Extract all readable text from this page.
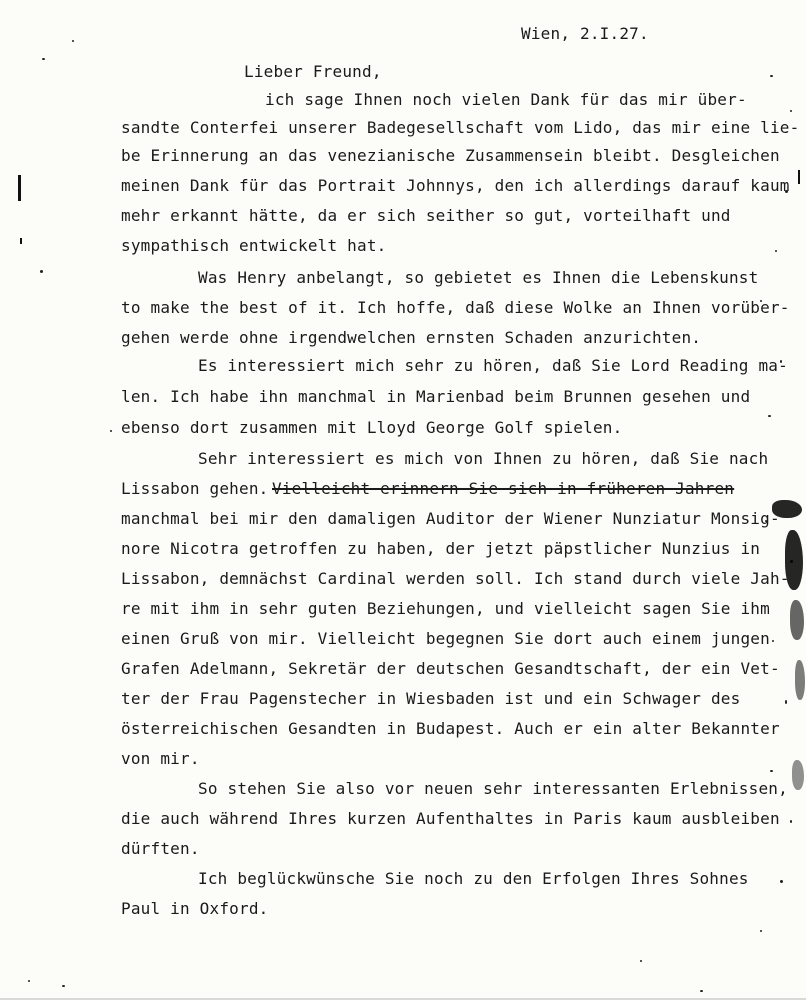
Wien, 2.I.27.
Lieber Freund,
ich sage Ihnen noch vielen Dank für das mir über-
sandte Conterfei unserer Badegesellschaft vom Lido, das mir eine lie-
be Erinnerung an das venezianische Zusammensein bleibt. Desgleichen
meinen Dank für das Portrait Johnnys, den ich allerdings darauf kaum
mehr erkannt hätte, da er sich seither so gut, vorteilhaft und
sympathisch entwickelt hat.
Was Henry anbelangt, so gebietet es Ihnen die Lebenskunst
to make the best of it. Ich hoffe, daß diese Wolke an Ihnen vorüber-
gehen werde ohne irgendwelchen ernsten Schaden anzurichten.
Es interessiert mich sehr zu hören, daß Sie Lord Reading ma-
len. Ich habe ihn manchmal in Marienbad beim Brunnen gesehen und
ebenso dort zusammen mit Lloyd George Golf spielen.
Sehr interessiert es mich von Ihnen zu hören, daß Sie nach
Lissabon gehen. Vielleicht erinnern Sie sich in früheren Jahren
manchmal bei mir den damaligen Auditor der Wiener Nunziatur Monsig-
nore Nicotra getroffen zu haben, der jetzt päpstlicher Nunzius in
Lissabon, demnächst Cardinal werden soll. Ich stand durch viele Jah-
re mit ihm in sehr guten Beziehungen, und vielleicht sagen Sie ihm
einen Gruß von mir. Vielleicht begegnen Sie dort auch einem jungen
Grafen Adelmann, Sekretär der deutschen Gesandtschaft, der ein Vet-
ter der Frau Pagenstecher in Wiesbaden ist und ein Schwager des
österreichischen Gesandten in Budapest. Auch er ein alter Bekannter
von mir.
So stehen Sie also vor neuen sehr interessanten Erlebnissen,
die auch während Ihres kurzen Aufenthaltes in Paris kaum ausbleiben
dürften.
Ich beglückwünsche Sie noch zu den Erfolgen Ihres Sohnes
Paul in Oxford.
